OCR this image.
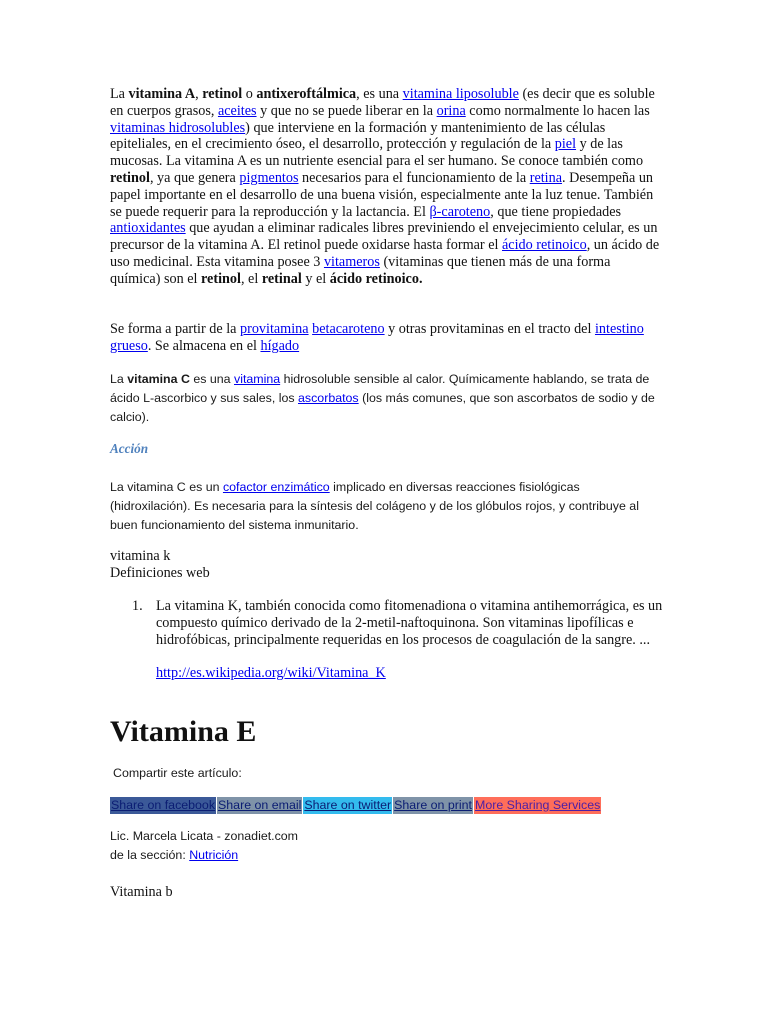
La vitamina A, retinol o antixeroftálmica, es una vitamina liposoluble (es decir que es soluble en cuerpos grasos, aceites y que no se puede liberar en la orina como normalmente lo hacen las vitaminas hidrosolubles) que interviene en la formación y mantenimiento de las células epiteliales, en el crecimiento óseo, el desarrollo, protección y regulación de la piel y de las mucosas. La vitamina A es un nutriente esencial para el ser humano. Se conoce también como retinol, ya que genera pigmentos necesarios para el funcionamiento de la retina. Desempeña un papel importante en el desarrollo de una buena visión, especialmente ante la luz tenue. También se puede requerir para la reproducción y la lactancia. El β-caroteno, que tiene propiedades antioxidantes que ayudan a eliminar radicales libres previniendo el envejecimiento celular, es un precursor de la vitamina A. El retinol puede oxidarse hasta formar el ácido retinoico, un ácido de uso medicinal. Esta vitamina posee 3 vitameros (vitaminas que tienen más de una forma química) son el retinol, el retinal y el ácido retinoico.

Se forma a partir de la provitamina betacaroteno y otras provitaminas en el tracto del intestino grueso. Se almacena en el hígado

La vitamina C es una vitamina hidrosoluble sensible al calor. Químicamente hablando, se trata de ácido L-ascorbico y sus sales, los ascorbatos (los más comunes, que son ascorbatos de sodio y de calcio).

Acción

La vitamina C es un cofactor enzimático implicado en diversas reacciones fisiológicas (hidroxilación). Es necesaria para la síntesis del colágeno y de los glóbulos rojos, y contribuye al buen funcionamiento del sistema inmunitario.

vitamina k
Definiciones web
1. La vitamina K, también conocida como fitomenadiona o vitamina antihemorrágica, es un compuesto químico derivado de la 2-metil-naftoquinona. Son vitaminas lipofílicas e hidrofóbicas, principalmente requeridas en los procesos de coagulación de la sangre. ...
http://es.wikipedia.org/wiki/Vitamina_K
Vitamina E

Compartir este artículo:

Share on facebook Share on email Share on twitter Share on print More Sharing Services
Lic. Marcela Licata - zonadiet.com
de la sección: Nutrición

Vitamina b
